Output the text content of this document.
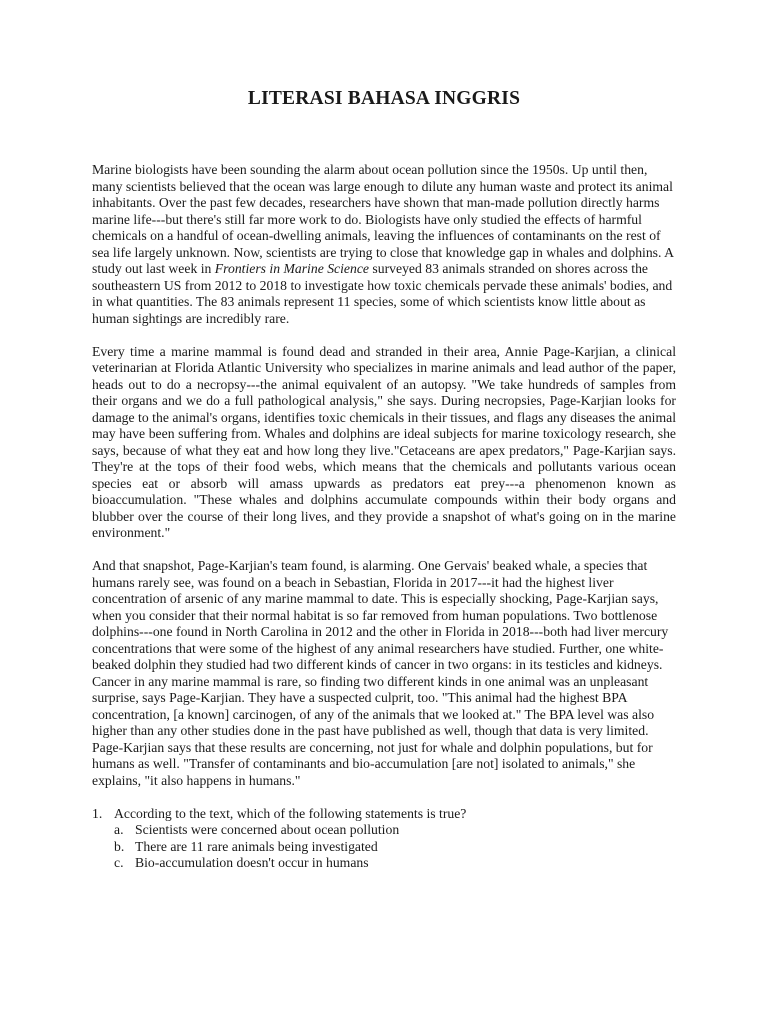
LITERASI BAHASA INGGRIS

Marine biologists have been sounding the alarm about ocean pollution since the 1950s. Up until then, many scientists believed that the ocean was large enough to dilute any human waste and protect its animal inhabitants. Over the past few decades, researchers have shown that man-made pollution directly harms marine life---but there's still far more work to do. Biologists have only studied the effects of harmful chemicals on a handful of ocean-dwelling animals, leaving the influences of contaminants on the rest of sea life largely unknown. Now, scientists are trying to close that knowledge gap in whales and dolphins. A study out last week in Frontiers in Marine Science surveyed 83 animals stranded on shores across the southeastern US from 2012 to 2018 to investigate how toxic chemicals pervade these animals' bodies, and in what quantities. The 83 animals represent 11 species, some of which scientists know little about as human sightings are incredibly rare.

Every time a marine mammal is found dead and stranded in their area, Annie Page-Karjian, a clinical veterinarian at Florida Atlantic University who specializes in marine animals and lead author of the paper, heads out to do a necropsy---the animal equivalent of an autopsy. "We take hundreds of samples from their organs and we do a full pathological analysis," she says. During necropsies, Page-Karjian looks for damage to the animal's organs, identifies toxic chemicals in their tissues, and flags any diseases the animal may have been suffering from. Whales and dolphins are ideal subjects for marine toxicology research, she says, because of what they eat and how long they live."Cetaceans are apex predators," Page-Karjian says. They're at the tops of their food webs, which means that the chemicals and pollutants various ocean species eat or absorb will amass upwards as predators eat prey---a phenomenon known as bioaccumulation. "These whales and dolphins accumulate compounds within their body organs and blubber over the course of their long lives, and they provide a snapshot of what's going on in the marine environment."

And that snapshot, Page-Karjian's team found, is alarming. One Gervais' beaked whale, a species that humans rarely see, was found on a beach in Sebastian, Florida in 2017---it had the highest liver concentration of arsenic of any marine mammal to date. This is especially shocking, Page-Karjian says, when you consider that their normal habitat is so far removed from human populations. Two bottlenose dolphins---one found in North Carolina in 2012 and the other in Florida in 2018---both had liver mercury concentrations that were some of the highest of any animal researchers have studied. Further, one white-beaked dolphin they studied had two different kinds of cancer in two organs: in its testicles and kidneys. Cancer in any marine mammal is rare, so finding two different kinds in one animal was an unpleasant surprise, says Page-Karjian. They have a suspected culprit, too. "This animal had the highest BPA concentration, [a known] carcinogen, of any of the animals that we looked at." The BPA level was also higher than any other studies done in the past have published as well, though that data is very limited. Page-Karjian says that these results are concerning, not just for whale and dolphin populations, but for humans as well. "Transfer of contaminants and bio-accumulation [are not] isolated to animals," she explains, "it also happens in humans."

1. According to the text, which of the following statements is true?
a. Scientists were concerned about ocean pollution
b. There are 11 rare animals being investigated
c. Bio-accumulation doesn't occur in humans
